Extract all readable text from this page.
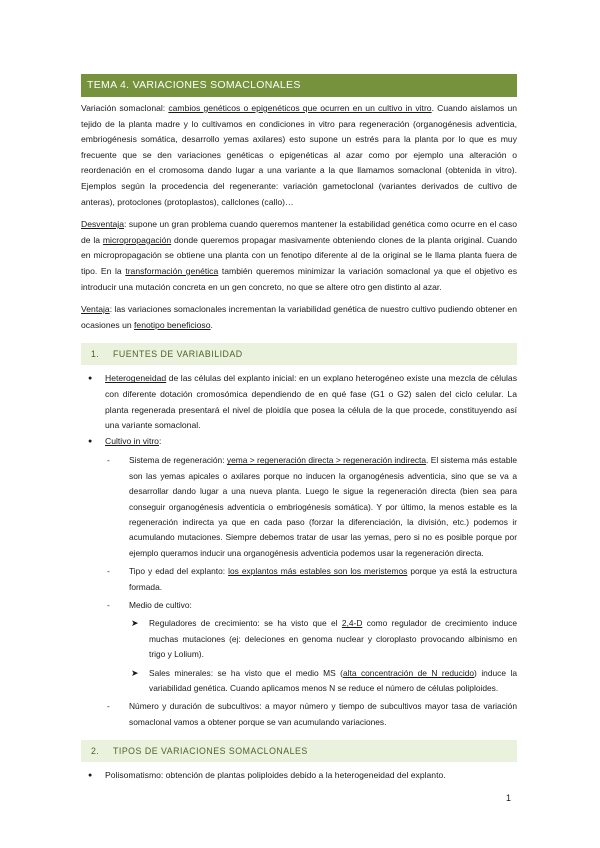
TEMA 4. VARIACIONES SOMACLONALES

Variación somaclonal: cambios genéticos o epigenéticos que ocurren en un cultivo in vitro. Cuando aislamos un tejido de la planta madre y lo cultivamos en condiciones in vitro para regeneración (organogénesis adventicia, embriogénesis somática, desarrollo yemas axilares) esto supone un estrés para la planta por lo que es muy frecuente que se den variaciones genéticas o epigenéticas al azar como por ejemplo una alteración o reordenación en el cromosoma dando lugar a una variante a la que llamamos somaclonal (obtenida in vitro). Ejemplos según la procedencia del regenerante: variación gametoclonal (variantes derivados de cultivo de anteras), protoclones (protoplastos), callclones (callo)…

Desventaja: supone un gran problema cuando queremos mantener la estabilidad genética como ocurre en el caso de la micropropagación donde queremos propagar masivamente obteniendo clones de la planta original. Cuando en micropropagación se obtiene una planta con un fenotipo diferente al de la original se le llama planta fuera de tipo. En la transformación genética también queremos minimizar la variación somaclonal ya que el objetivo es introducir una mutación concreta en un gen concreto, no que se altere otro gen distinto al azar.

Ventaja: las variaciones somaclonales incrementan la variabilidad genética de nuestro cultivo pudiendo obtener en ocasiones un fenotipo beneficioso.

1. FUENTES DE VARIABILIDAD
● Heterogeneidad de las células del explanto inicial: en un explano heterogéneo existe una mezcla de células con diferente dotación cromosómica dependiendo de en qué fase (G1 o G2) salen del ciclo celular. La planta regenerada presentará el nivel de ploidía que posea la célula de la que procede, constituyendo así una variante somaclonal.
● Cultivo in vitro:
- Sistema de regeneración: yema > regeneración directa > regeneración indirecta. El sistema más estable son las yemas apicales o axilares porque no inducen la organogénesis adventicia, sino que se va a desarrollar dando lugar a una nueva planta. Luego le sigue la regeneración directa (bien sea para conseguir organogénesis adventicia o embriogénesis somática). Y por último, la menos estable es la regeneración indirecta ya que en cada paso (forzar la diferenciación, la división, etc.) podemos ir acumulando mutaciones. Siempre debemos tratar de usar las yemas, pero si no es posible porque por ejemplo queramos inducir una organogénesis adventicia podemos usar la regeneración directa.
- Tipo y edad del explanto: los explantos más estables son los meristemos porque ya está la estructura formada.
- Medio de cultivo:
➤ Reguladores de crecimiento: se ha visto que el 2,4-D como regulador de crecimiento induce muchas mutaciones (ej: deleciones en genoma nuclear y cloroplasto provocando albinismo en trigo y Lolium).
➤ Sales minerales: se ha visto que el medio MS (alta concentración de N reducido) induce la variabilidad genética. Cuando aplicamos menos N se reduce el número de células poliploides.
- Número y duración de subcultivos: a mayor número y tiempo de subcultivos mayor tasa de variación somaclonal vamos a obtener porque se van acumulando variaciones.
2. TIPOS DE VARIACIONES SOMACLONALES
● Polisomatismo: obtención de plantas poliploides debido a la heterogeneidad del explanto.
1
